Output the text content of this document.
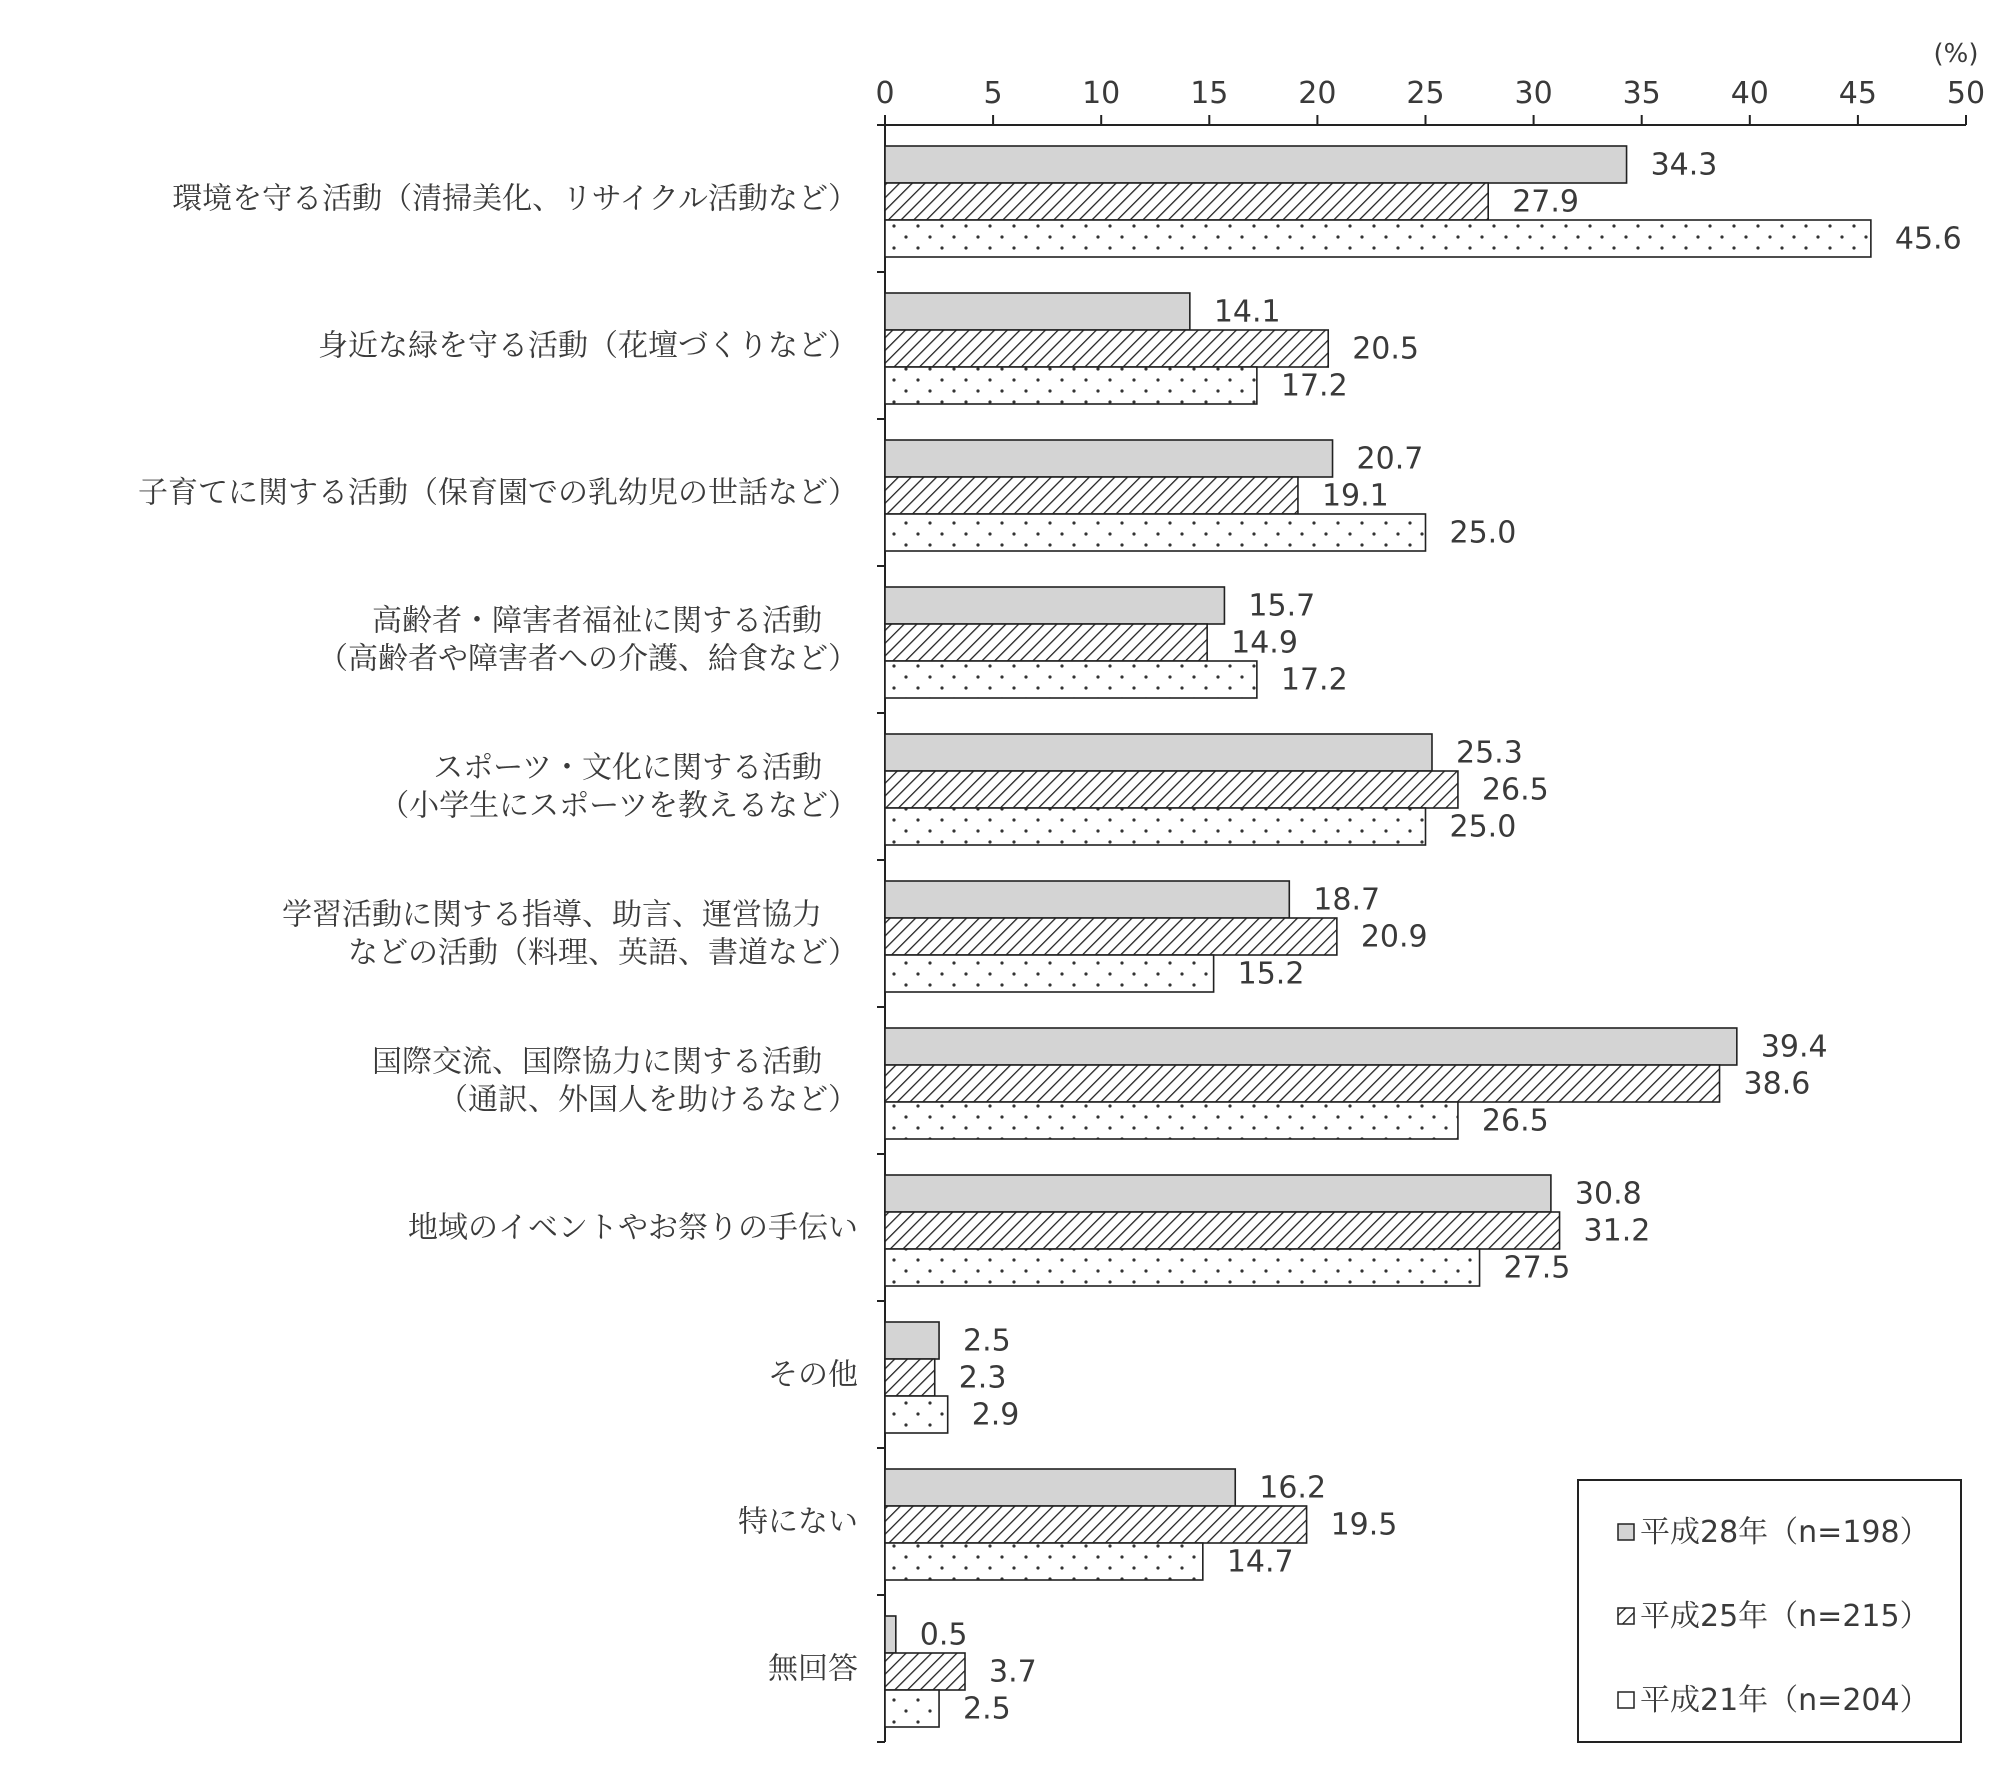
0	5	10 15 20 25 30 35 40 45 50
(%)
34.3
27.9
45.6
14.1
20.5
17.2
20.7
19.1
25.0
15.7
14.9
17.2
25.3
26.5
25.0
18.7
20.9
15.2
39.4
38.6
26.5
30.8
31.2
27.5
2.5
2.3
2.9
16.2
19.5
14.7
0.5
3.7
2.5
環境を守る活動（清掃美化、リサイクル活動など）
身近な緑を守る活動（花壇づくりなど）
子育てに関する活動（保育園での乳幼児の世話など）
高齢者・障害者福祉に関する活動
（高齢者や障害者への介護、給食など）
スポーツ・文化に関する活動
（小学生にスポーツを教えるなど）
学習活動に関する指導、助言、運営協力
などの活動（料理、英語、書道など）
国際交流、国際協力に関する活動
（通訳、外国人を助けるなど）
地域のイベントやお祭りの手伝い
その他
特にない
無回答
平成28年（n=198）
平成25年（n=215）
平成21年（n=204）
